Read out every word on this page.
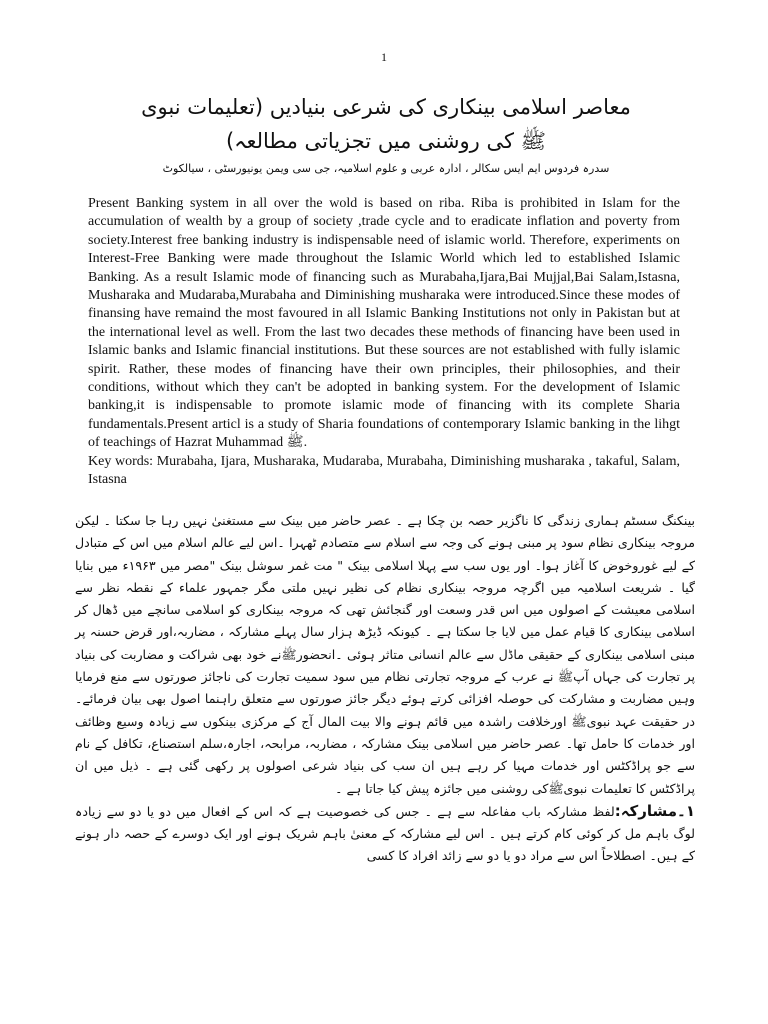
1
معاصر اسلامی بینکاری کی شرعی بنیادیں (تعلیمات نبوی
ﷺ کی روشنی میں تجزیاتی مطالعہ)
سدرہ فردوس ایم ایس سکالر ، ادارہ عربی و علوم اسلامیہ، جی سی ویمن یونیورسٹی ، سیالکوٹ

Present Banking system in all over the wold is based on riba. Riba is prohibited in Islam for the accumulation of wealth by a group of society ,trade cycle and to eradicate inflation and poverty from society.Interest free banking industry is indispensable need of islamic world. Therefore, experiments on Interest-Free Banking were made throughout the Islamic World which led to established Islamic Banking. As a result Islamic mode of financing such as Murabaha,Ijara,Bai Mujjal,Bai Salam,Istasna, Musharaka and Mudaraba,Murabaha and Diminishing musharaka were introduced.Since these modes of finansing have remaind the most favoured in all Islamic Banking Institutions not only in Pakistan but at the international level as well. From the last two decades these methods of financing have been used in Islamic banks and Islamic financial institutions. But these sources are not established with fully islamic spirit. Rather, these modes of financing have their own principles, their philosophies, and their conditions, without which they can't be adopted in banking system. For the development of Islamic banking,it is indispensable to promote islamic mode of financing with its complete Sharia fundamentals.Present articl is a study of Sharia foundations of contemporary Islamic banking in the lihgt of teachings of Hazrat Muhammad ﷺ.

Key words: Murabaha, Ijara, Musharaka, Mudaraba, Murabaha, Diminishing musharaka , takaful, Salam, Istasna

بینکنگ سسٹم ہماری زندگی کا ناگزیر حصہ بن چکا ہے ۔ عصر حاضر میں بینک سے مستغنیٰ نہیں رہا جا سکتا ۔ لیکن مروجہ بینکاری نظام سود پر مبنی ہونے کی وجہ سے اسلام سے متصادم ٹھہرا ۔اس لیے عالم اسلام میں اس کے متبادل کے لیے غوروخوض کا آغاز ہوا۔ اور یوں سب سے پہلا اسلامی بینک " مت غمر سوشل بینک "مصر میں ۱۹۶۳ء میں بنایا گیا ۔ شریعت اسلامیہ میں اگرچہ مروجہ بینکاری نظام کی نظیر نہیں ملتی مگر جمہور علماء کے نقطہ نظر سے اسلامی معیشت کے اصولوں میں اس قدر وسعت اور گنجائش تھی کہ مروجہ بینکاری کو اسلامی سانچے میں ڈھال کر اسلامی بینکاری کا قیام عمل میں لایا جا سکتا ہے ۔ کیونکہ ڈیڑھ ہزار سال پہلے مشارکہ ، مضاربہ،اور قرض حسنہ پر مبنی اسلامی بینکاری کے حقیقی ماڈل سے عالم انسانی متاثر ہوئی ۔انحضورﷺنے خود بھی شراکت و مضاربت کی بنیاد پر تجارت کی جہاں آپﷺ نے عرب کے مروجہ تجارتی نظام میں سود سمیت تجارت کی ناجائز صورتوں سے منع فرمایا وہیں مضاربت و مشارکت کی حوصلہ افزائی کرتے ہوئے دیگر جائز صورتوں سے متعلق راہنما اصول بھی بیان فرمائے۔ در حقیقت عہد نبویﷺ اورخلافت راشدہ میں قائم ہونے والا بیت المال آج کے مرکزی بینکوں سے زیادہ وسیع وظائف اور خدمات کا حامل تھا۔ عصر حاضر میں اسلامی بینک مشارکہ ، مضاربہ، مرابحہ، اجارہ،سلم استصناع، تکافل کے نام سے جو پراڈکٹس اور خدمات مہیا کر رہے ہیں ان سب کی بنیاد شرعی اصولوں پر رکھی گئی ہے ۔ ذیل میں ان پراڈکٹس کا تعلیمات نبویﷺکی روشنی میں جائزہ پیش کیا جاتا ہے ۔

۱۔مشارکہ:لفظ مشارکہ باب مفاعلہ سے ہے ۔ جس کی خصوصیت ہے کہ اس کے افعال میں دو یا دو سے زیادہ لوگ باہم مل کر کوئی کام کرتے ہیں ۔ اس لیے مشارکہ کے معنیٰ باہم شریک ہونے اور ایک دوسرے کے حصہ دار ہونے کے ہیں۔ اصطلاحاً اس سے مراد دو یا دو سے زائد افراد کا کسی
